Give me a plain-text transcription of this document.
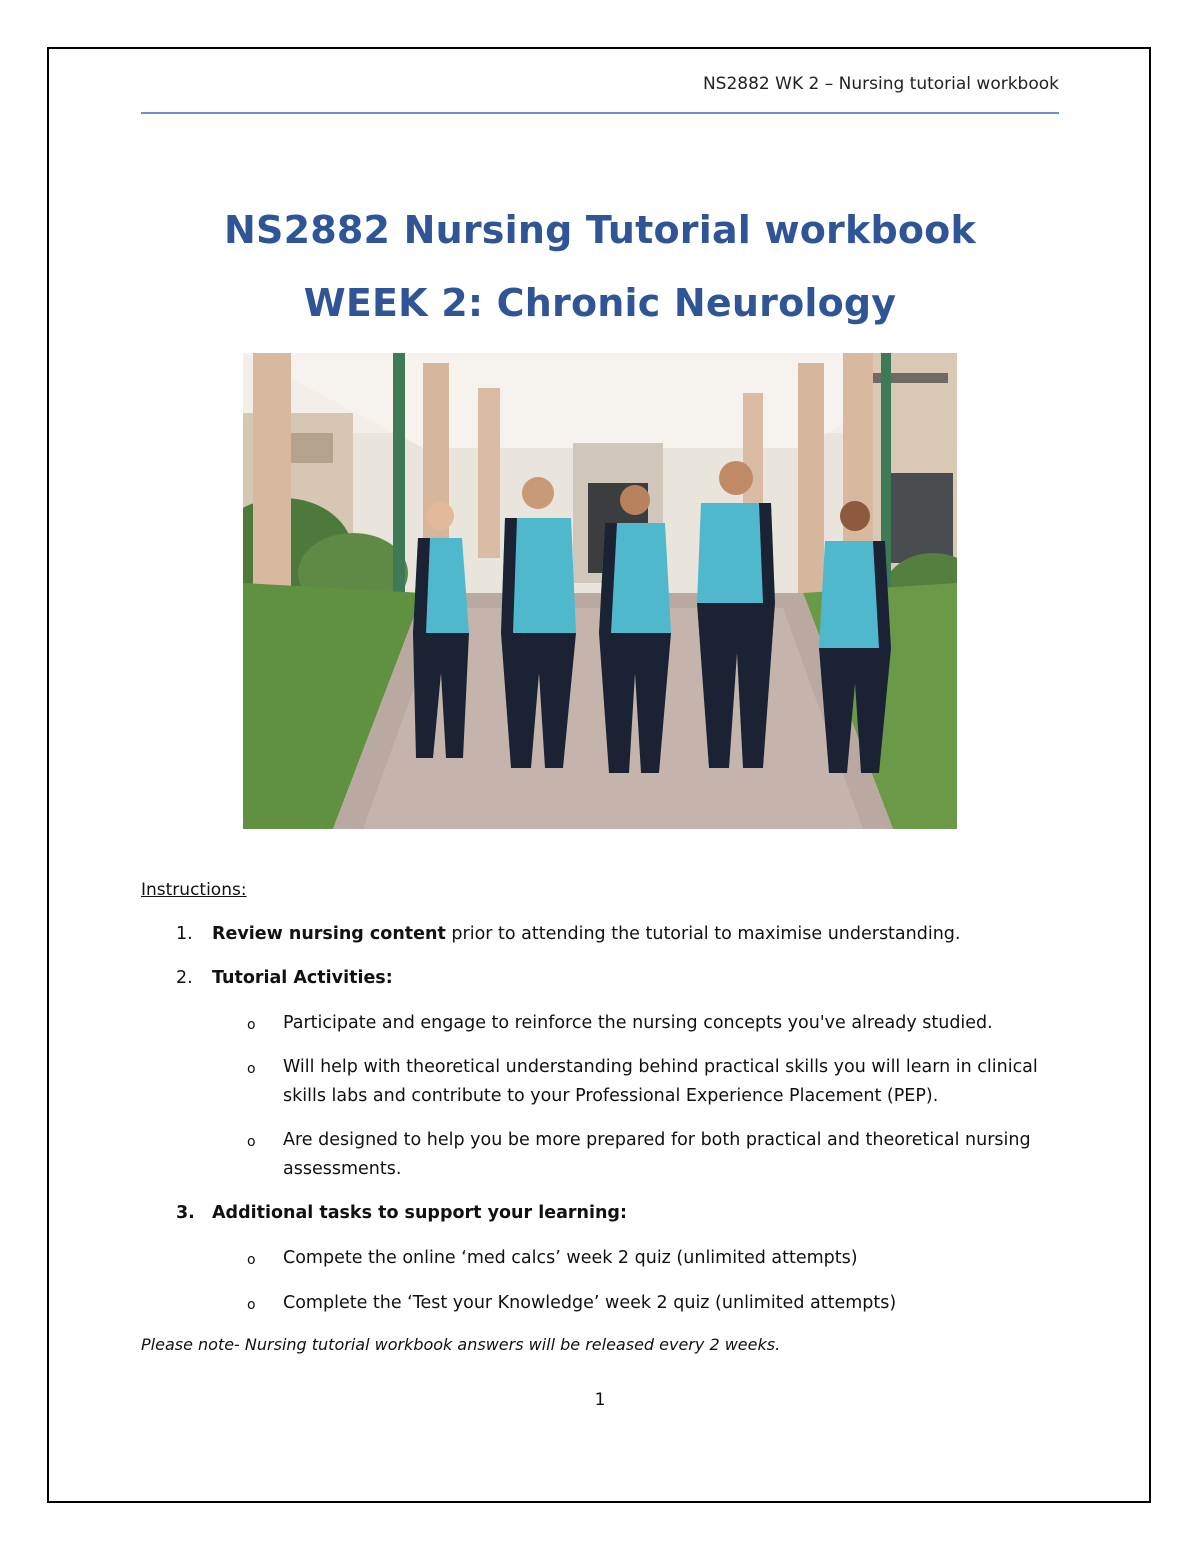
NS2882 WK 2 – Nursing tutorial workbook
NS2882 Nursing Tutorial workbook
WEEK 2: Chronic Neurology
Instructions:
1. Review nursing content prior to attending the tutorial to maximise understanding.
2. Tutorial Activities:
o Participate and engage to reinforce the nursing concepts you've already studied.
o Will help with theoretical understanding behind practical skills you will learn in clinical skills labs and contribute to your Professional Experience Placement (PEP).
o Are designed to help you be more prepared for both practical and theoretical nursing assessments.
3. Additional tasks to support your learning:
o Compete the online ‘med calcs’ week 2 quiz (unlimited attempts)
o Complete the ‘Test your Knowledge’ week 2 quiz (unlimited attempts)
Please note- Nursing tutorial workbook answers will be released every 2 weeks.
1
